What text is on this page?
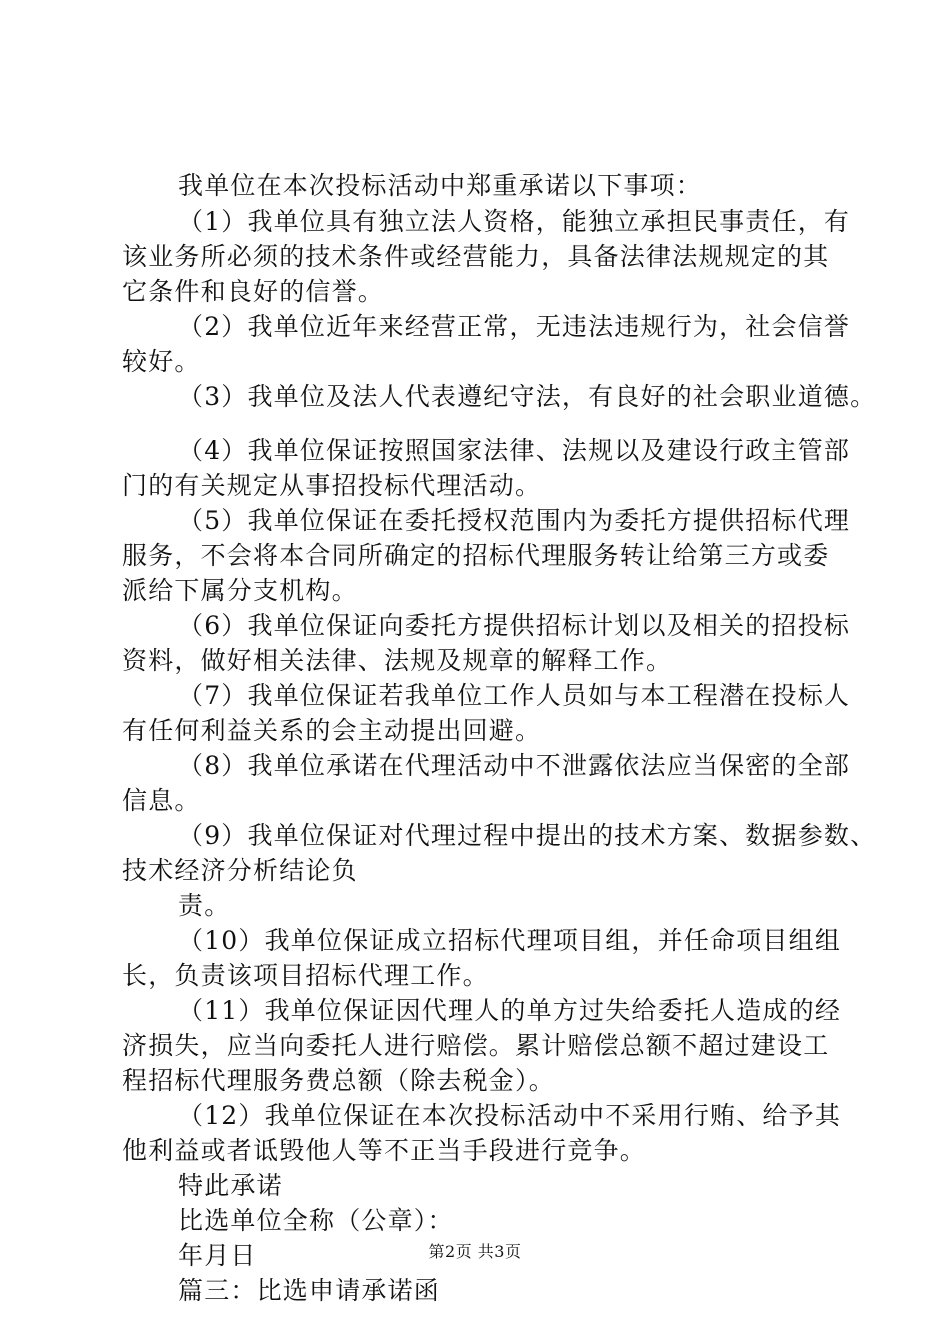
我单位在本次投标活动中郑重承诺以下事项：
（1）我单位具有独立法人资格，能独立承担民事责任，有
该业务所必须的技术条件或经营能力，具备法律法规规定的其
它条件和良好的信誉。
（2）我单位近年来经营正常，无违法违规行为，社会信誉
较好。
（3）我单位及法人代表遵纪守法，有良好的社会职业道德。
（4）我单位保证按照国家法律、法规以及建设行政主管部
门的有关规定从事招投标代理活动。
（5）我单位保证在委托授权范围内为委托方提供招标代理
服务，不会将本合同所确定的招标代理服务转让给第三方或委
派给下属分支机构。
（6）我单位保证向委托方提供招标计划以及相关的招投标
资料，做好相关法律、法规及规章的解释工作。
（7）我单位保证若我单位工作人员如与本工程潜在投标人
有任何利益关系的会主动提出回避。
（8）我单位承诺在代理活动中不泄露依法应当保密的全部
信息。
（9）我单位保证对代理过程中提出的技术方案、数据参数、
技术经济分析结论负
责。
（10）我单位保证成立招标代理项目组，并任命项目组组
长，负责该项目招标代理工作。
（11）我单位保证因代理人的单方过失给委托人造成的经
济损失，应当向委托人进行赔偿。累计赔偿总额不超过建设工
程招标代理服务费总额（除去税金）。
（12）我单位保证在本次投标活动中不采用行贿、给予其
他利益或者诋毁他人等不正当手段进行竞争。
特此承诺
比选单位全称（公章）：
年月日
篇三：比选申请承诺函
第2页 共3页
